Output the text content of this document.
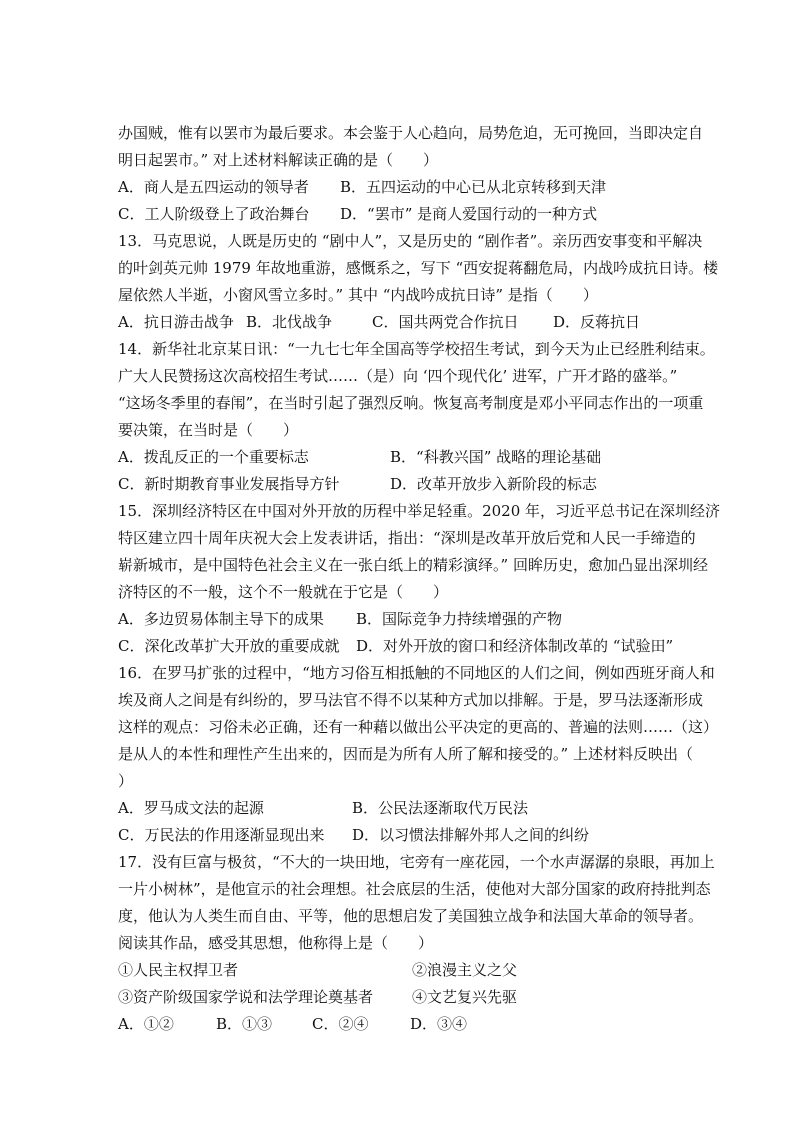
办国贼，惟有以罢市为最后要求。本会鉴于人心趋向，局势危迫，无可挽回，当即决定自
明日起罢市。” 对上述材料解读正确的是（　　）
A．商人是五四运动的领导者	B．五四运动的中心已从北京转移到天津
C．工人阶级登上了政治舞台	D．“罢市” 是商人爱国行动的一种方式
13．马克思说，人既是历史的 “剧中人”，又是历史的 “剧作者”。亲历西安事变和平解决
的叶剑英元帅 1979 年故地重游，感慨系之，写下 “西安捉蒋翻危局，内战吟成抗日诗。楼
屋依然人半逝，小窗风雪立多时。” 其中 “内战吟成抗日诗” 是指（　　）
A．抗日游击战争 B．北伐战争	C．国共两党合作抗日	D．反蒋抗日
14．新华社北京某日讯：“一九七七年全国高等学校招生考试，到今天为止已经胜利结束。
广大人民赞扬这次高校招生考试……（是）向 ‘四个现代化’ 进军，广开才路的盛举。”
“这场冬季里的春闱”，在当时引起了强烈反响。恢复高考制度是邓小平同志作出的一项重
要决策，在当时是（　　）
A．拨乱反正的一个重要标志	B．“科教兴国” 战略的理论基础
C．新时期教育事业发展指导方针	D．改革开放步入新阶段的标志
15．深圳经济特区在中国对外开放的历程中举足轻重。2020 年，习近平总书记在深圳经济
特区建立四十周年庆祝大会上发表讲话，指出：“深圳是改革开放后党和人民一手缔造的
崭新城市，是中国特色社会主义在一张白纸上的精彩演绎。” 回眸历史，愈加凸显出深圳经
济特区的不一般，这个不一般就在于它是（　　）
A．多边贸易体制主导下的成果	B．国际竞争力持续增强的产物
C．深化改革扩大开放的重要成就	D．对外开放的窗口和经济体制改革的 “试验田”
16．在罗马扩张的过程中，“地方习俗互相抵触的不同地区的人们之间，例如西班牙商人和
埃及商人之间是有纠纷的，罗马法官不得不以某种方式加以排解。于是，罗马法逐渐形成
这样的观点：习俗未必正确，还有一种藉以做出公平决定的更高的、普遍的法则……（这）
是从人的本性和理性产生出来的，因而是为所有人所了解和接受的。” 上述材料反映出（
）
A．罗马成文法的起源	B．公民法逐渐取代万民法
C．万民法的作用逐渐显现出来	D．以习惯法排解外邦人之间的纠纷
17．没有巨富与极贫，“不大的一块田地，宅旁有一座花园，一个水声潺潺的泉眼，再加上
一片小树林”，是他宣示的社会理想。社会底层的生活，使他对大部分国家的政府持批判态
度，他认为人类生而自由、平等，他的思想启发了美国独立战争和法国大革命的领导者。
阅读其作品，感受其思想，他称得上是（　　）
①人民主权捍卫者	②浪漫主义之父
③资产阶级国家学说和法学理论奠基者	④文艺复兴先驱
A．①②	B．①③	C．②④	D．③④
